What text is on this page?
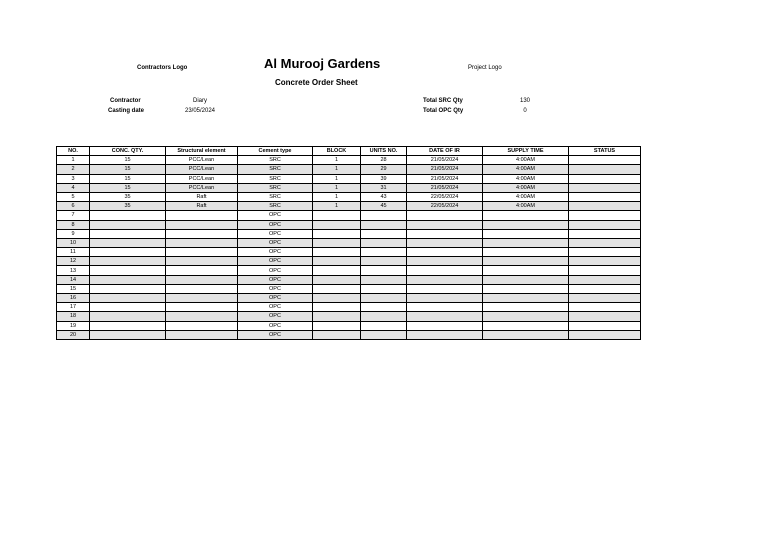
Contractors Logo	Al Murooj Gardens
Concrete Order Sheet
Project Logo
Contractor	Diary
Casting date	23/05/2024
Total SRC Qty	130
Total OPC Qty	0
NO.	CONC. QTY.	Structural element	Cement type	BLOCK	UNITS NO.	DATE OF IR	SUPPLY TIME	STATUS
1	15	PCC/Lean	SRC	1	28	21/05/2024	4:00AM	
2	15	PCC/Lean	SRC	1	29	21/05/2024	4:00AM	
3	15	PCC/Lean	SRC	1	39	21/05/2024	4:00AM	
4	15	PCC/Lean	SRC	1	31	21/05/2024	4:00AM	
5	35	Raft	SRC	1	43	22/05/2024	4:00AM	
6	35	Raft	SRC	1	45	22/05/2024	4:00AM	
7			OPC					
8			OPC					
9			OPC					
10			OPC					
11			OPC					
12			OPC					
13			OPC					
14			OPC					
15			OPC					
16			OPC					
17			OPC					
18			OPC					
19			OPC					
20			OPC					
